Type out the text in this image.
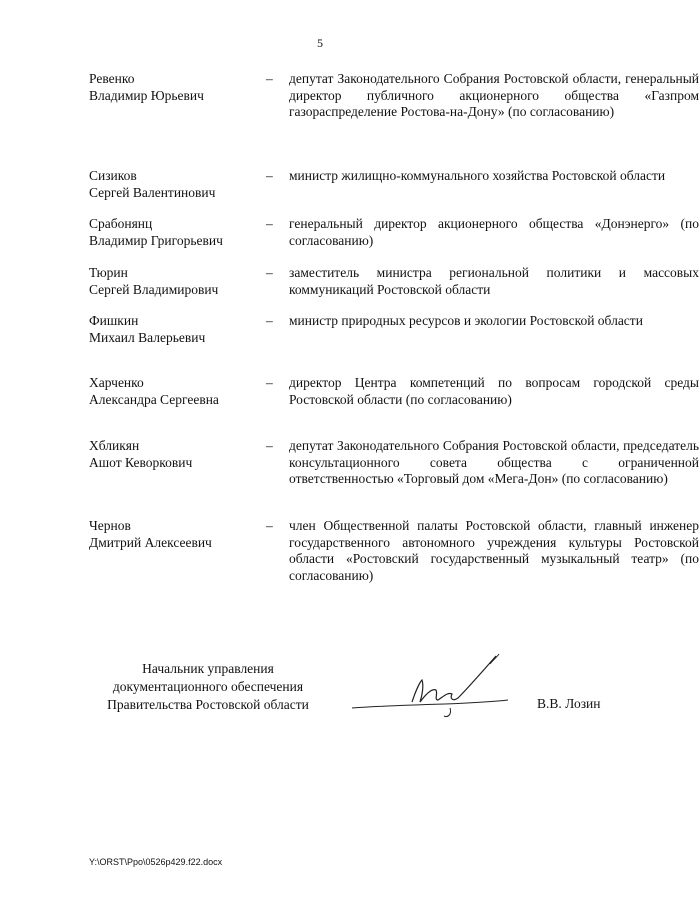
5
Ревенко
Владимир Юрьевич
– депутат Законодательного Собрания Ростовской области, генеральный директор публичного акционерного общества «Газпром газораспределение Ростова-на-Дону» (по согласованию)
Сизиков
Сергей Валентинович
– министр жилищно-коммунального хозяйства Ростовской области
Срабонянц
Владимир Григорьевич
– генеральный директор акционерного общества «Донэнерго» (по согласованию)
Тюрин
Сергей Владимирович
– заместитель министра региональной политики и массовых коммуникаций Ростовской области
Фишкин
Михаил Валерьевич
– министр природных ресурсов и экологии Ростовской области
Харченко
Александра Сергеевна
– директор Центра компетенций по вопросам городской среды Ростовской области (по согласованию)
Хбликян
Ашот Кеворкович
– депутат Законодательного Собрания Ростовской области, председатель консультационного совета общества с ограниченной ответственностью «Торговый дом «Мега-Дон» (по согласованию)
Чернов
Дмитрий Алексеевич
– член Общественной палаты Ростовской области, главный инженер государственного автономного учреждения культуры Ростовской области «Ростовский государственный музыкальный театр» (по согласованию)
Начальник управления
документационного обеспечения
Правительства Ростовской области	В.В. Лозин
Y:\ORST\Ppo\0526p429.f22.docx
